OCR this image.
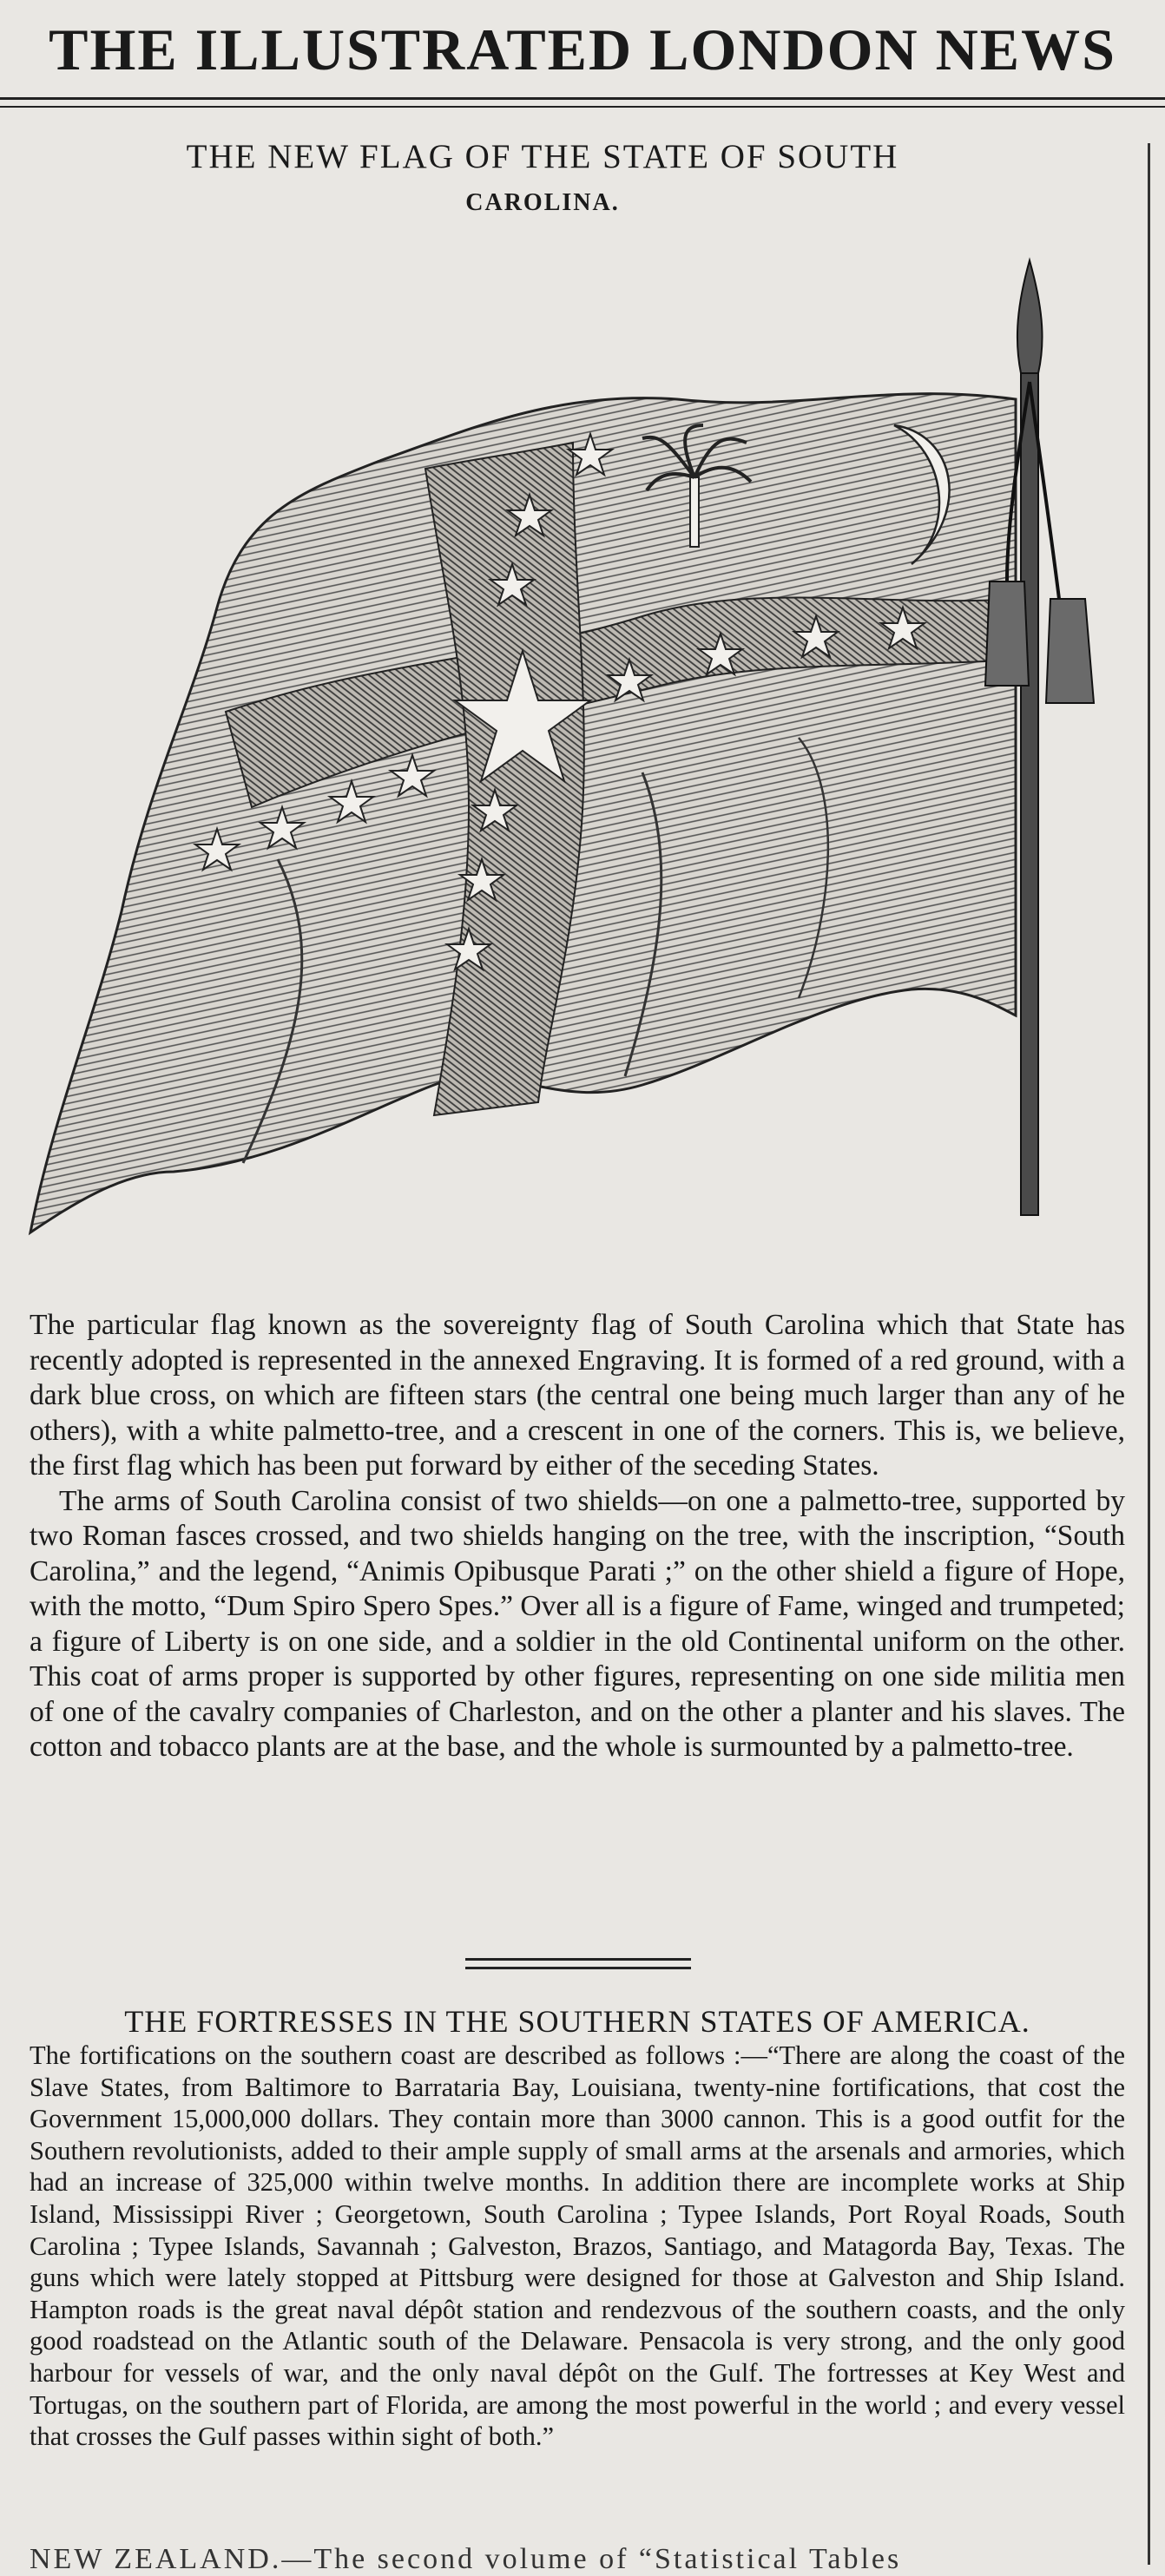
THE ILLUSTRATED LONDON NEWS
THE NEW FLAG OF THE STATE OF SOUTH
CAROLINA.

The particular flag known as the sovereignty flag of South Carolina which that State has recently adopted is represented in the annexed Engraving. It is formed of a red ground, with a dark blue cross, on which are fifteen stars (the central one being much larger than any of he others), with a white palmetto-tree, and a crescent in one of the corners. This is, we believe, the first flag which has been put forward by either of the seceding States.

The arms of South Carolina consist of two shields—on one a palmetto-tree, supported by two Roman fasces crossed, and two shields hanging on the tree, with the inscription, “South Carolina,” and the legend, “Animis Opibusque Parati ;” on the other shield a figure of Hope, with the motto, “Dum Spiro Spero Spes.” Over all is a figure of Fame, winged and trumpeted; a figure of Liberty is on one side, and a soldier in the old Continental uniform on the other. This coat of arms proper is supported by other figures, representing on one side militia men of one of the cavalry companies of Charleston, and on the other a planter and his slaves. The cotton and tobacco plants are at the base, and the whole is surmounted by a palmetto-tree.

THE FORTRESSES IN THE SOUTHERN STATES OF AMERICA.

The fortifications on the southern coast are described as follows :—“There are along the coast of the Slave States, from Baltimore to Barrataria Bay, Louisiana, twenty-nine fortifications, that cost the Government 15,000,000 dollars. They contain more than 3000 cannon. This is a good outfit for the Southern revolutionists, added to their ample supply of small arms at the arsenals and armories, which had an increase of 325,000 within twelve months. In addition there are incomplete works at Ship Island, Mississippi River ; Georgetown, South Carolina ; Typee Islands, Port Royal Roads, South Carolina ; Typee Islands, Savannah ; Galveston, Brazos, Santiago, and Matagorda Bay, Texas. The guns which were lately stopped at Pittsburg were designed for those at Galveston and Ship Island. Hampton roads is the great naval dépôt station and rendezvous of the southern coasts, and the only good roadstead on the Atlantic south of the Delaware. Pensacola is very strong, and the only good harbour for vessels of war, and the only naval dépôt on the Gulf. The fortresses at Key West and Tortugas, on the southern part of Florida, are among the most powerful in the world ; and every vessel that crosses the Gulf passes within sight of both.”

NEW ZEALAND.—The second volume of “Statistical Tables
